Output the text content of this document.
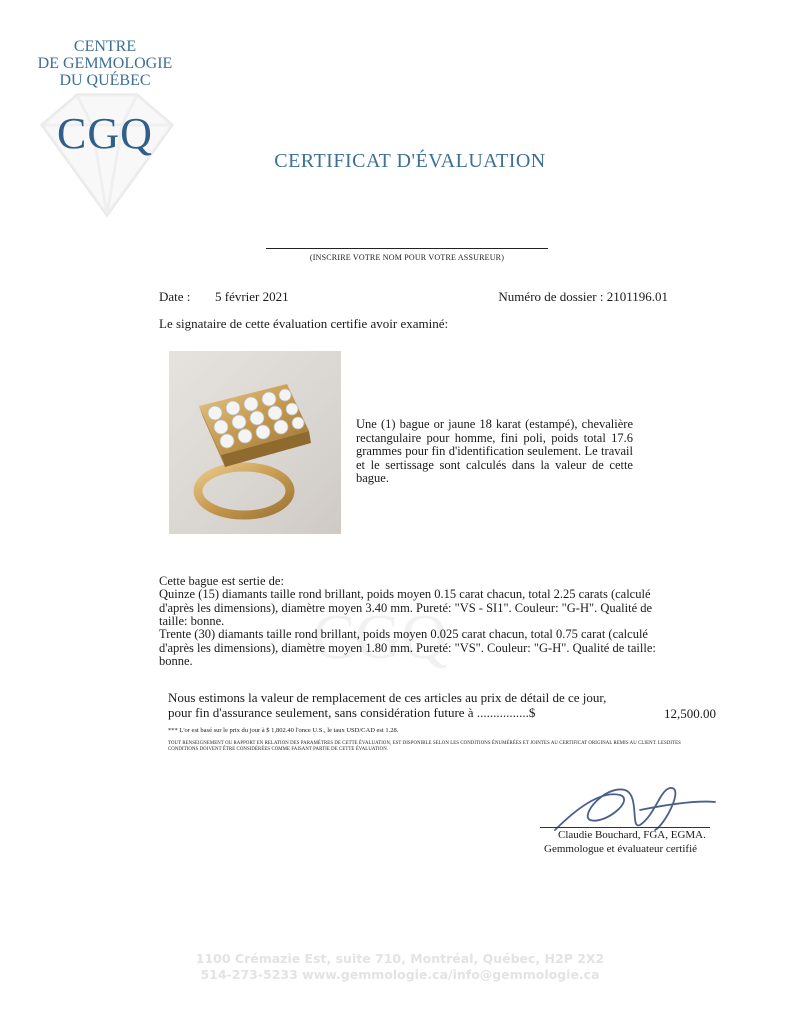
CENTRE
DE GEMMOLOGIE
DU QUÉBEC
CGQ
CERTIFICAT D'ÉVALUATION
(INSCRIRE VOTRE NOM POUR VOTRE ASSUREUR)
Date : 5 février 2021	Numéro de dossier : 2101196.01
Le signataire de cette évaluation certifie avoir examiné:
CGQ
Une (1) bague or jaune 18 karat (estampé), chevalière rectangulaire pour homme, fini poli, poids total 17.6 grammes pour fin d'identification seulement. Le travail et le sertissage sont calculés dans la valeur de cette bague.
Cette bague est sertie de:
Quinze (15) diamants taille rond brillant, poids moyen 0.15 carat chacun, total 2.25 carats (calculé d'après les dimensions), diamètre moyen 3.40 mm. Pureté: "VS - SI1". Couleur: "G-H". Qualité de taille: bonne.
Trente (30) diamants taille rond brillant, poids moyen 0.025 carat chacun, total 0.75 carat (calculé d'après les dimensions), diamètre moyen 1.80 mm. Pureté: "VS". Couleur: "G-H". Qualité de taille: bonne.
Nous estimons la valeur de remplacement de ces articles au prix de détail de ce jour, pour fin d'assurance seulement, sans considération future à ................$	12,500.00
*** L'or est basé sur le prix du jour à $ 1,802.40 l'once U.S., le taux USD/CAD est 1.28.
TOUT RENSEIGNEMENT OU RAPPORT EN RELATION DES PARAMÈTRES DE CETTE ÉVALUATION, EST DISPONIBLE SELON LES CONDITIONS ÉNUMÉRÉES ET JOINTES AU CERTIFICAT ORIGINAL REMIS AU CLIENT. LESDITES CONDITIONS DOIVENT ÊTRE CONSIDÉRÉES COMME FAISANT PARTIE DE CETTE ÉVALUATION.
Claudie Bouchard, FGA, EGMA.
Gemmologue et évaluateur certifié
1100 Crémazie Est, suite 710, Montréal, Québec, H2P 2X2
514-273-5233 www.gemmologie.ca/info@gemmologie.ca
